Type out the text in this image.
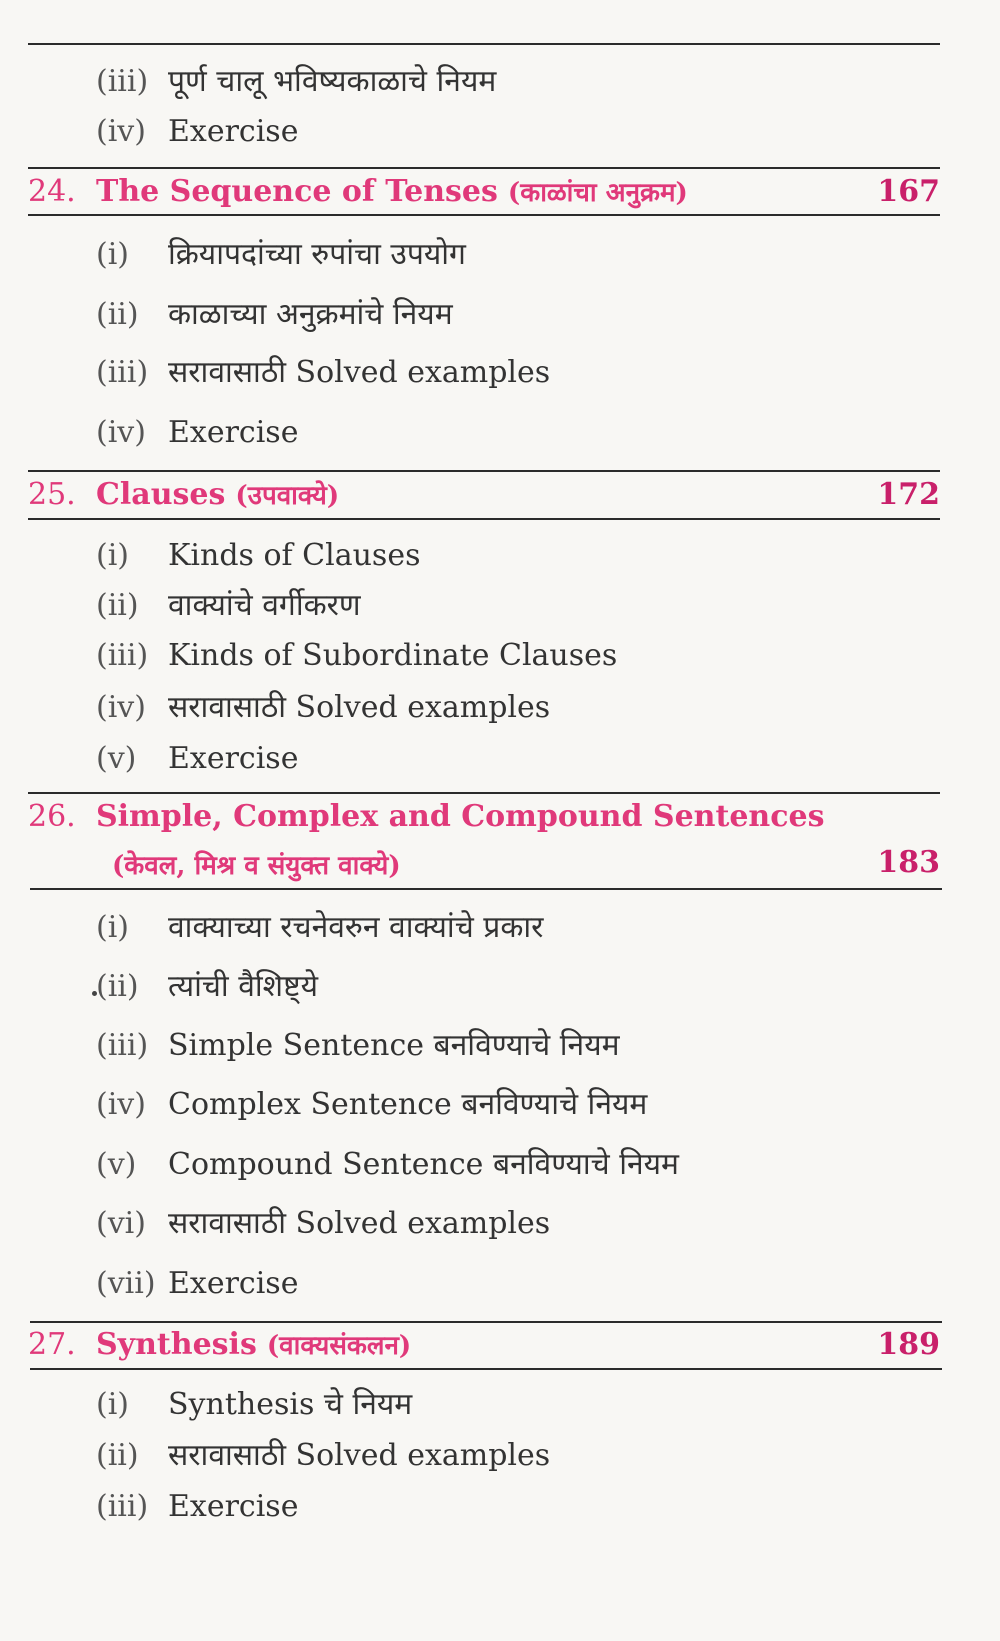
(iii) पूर्ण चालू भविष्यकाळाचे नियम
(iv) Exercise
24. The Sequence of Tenses (काळांचा अनुक्रम)	167
(i) क्रियापदांच्या रुपांचा उपयोग
(ii) काळाच्या अनुक्रमांचे नियम
(iii) सरावासाठी Solved examples
(iv) Exercise
25. Clauses (उपवाक्ये)	172
(i) Kinds of Clauses
(ii) वाक्यांचे वर्गीकरण
(iii) Kinds of Subordinate Clauses
(iv) सरावासाठी Solved examples
(v) Exercise
26. Simple, Complex and Compound Sentences
(केवल, मिश्र व संयुक्त वाक्ये)	183
(i) वाक्याच्या रचनेवरुन वाक्यांचे प्रकार
(ii) त्यांची वैशिष्ट्ये
(iii) Simple Sentence बनविण्याचे नियम
(iv) Complex Sentence बनविण्याचे नियम
(v) Compound Sentence बनविण्याचे नियम
(vi) सरावासाठी Solved examples
(vii) Exercise
27. Synthesis (वाक्यसंकलन)	189
(i) Synthesis चे नियम
(ii) सरावासाठी Solved examples
(iii) Exercise
